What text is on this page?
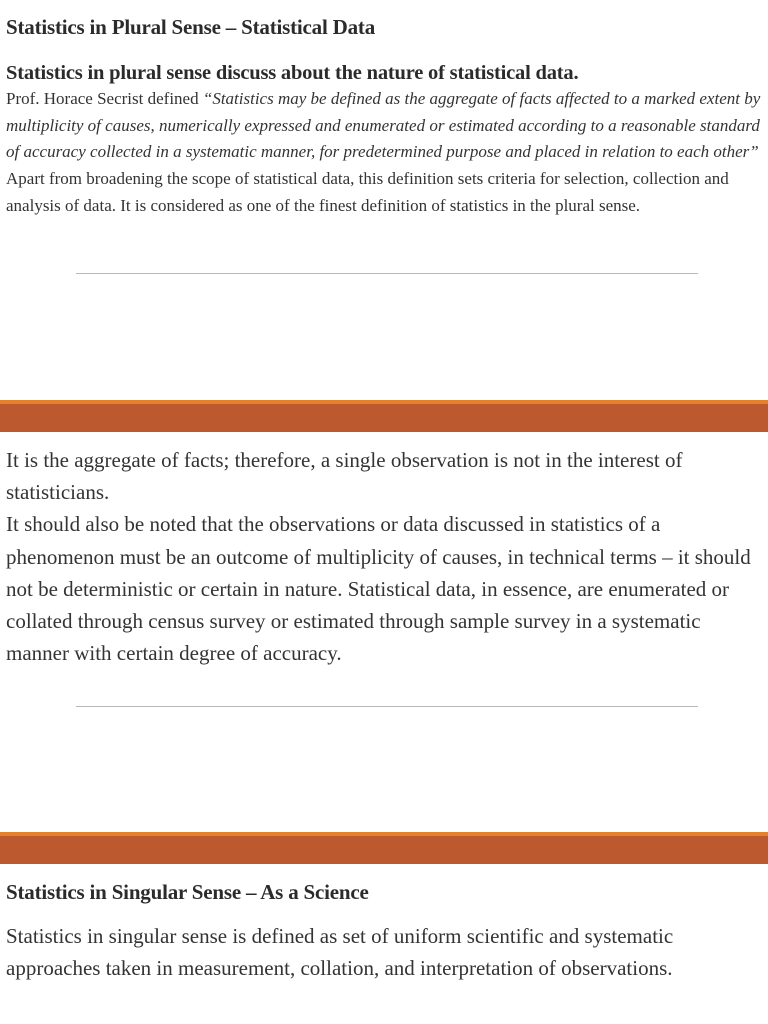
Statistics in Plural Sense – Statistical Data
Statistics in plural sense discuss about the nature of statistical data.

Prof. Horace Secrist defined “Statistics may be defined as the aggregate of facts affected to a marked extent by multiplicity of causes, numerically expressed and enumerated or estimated according to a reasonable standard of accuracy collected in a systematic manner, for predetermined purpose and placed in relation to each other”

Apart from broadening the scope of statistical data, this definition sets criteria for selection, collection and analysis of data. It is considered as one of the finest definition of statistics in the plural sense.

It is the aggregate of facts; therefore, a single observation is not in the interest of statisticians.

It should also be noted that the observations or data discussed in statistics of a phenomenon must be an outcome of multiplicity of causes, in technical terms – it should not be deterministic or certain in nature. Statistical data, in essence, are enumerated or collated through census survey or estimated through sample survey in a systematic manner with certain degree of accuracy.

Statistics in Singular Sense – As a Science

Statistics in singular sense is defined as set of uniform scientific and systematic approaches taken in measurement, collation, and interpretation of observations.
